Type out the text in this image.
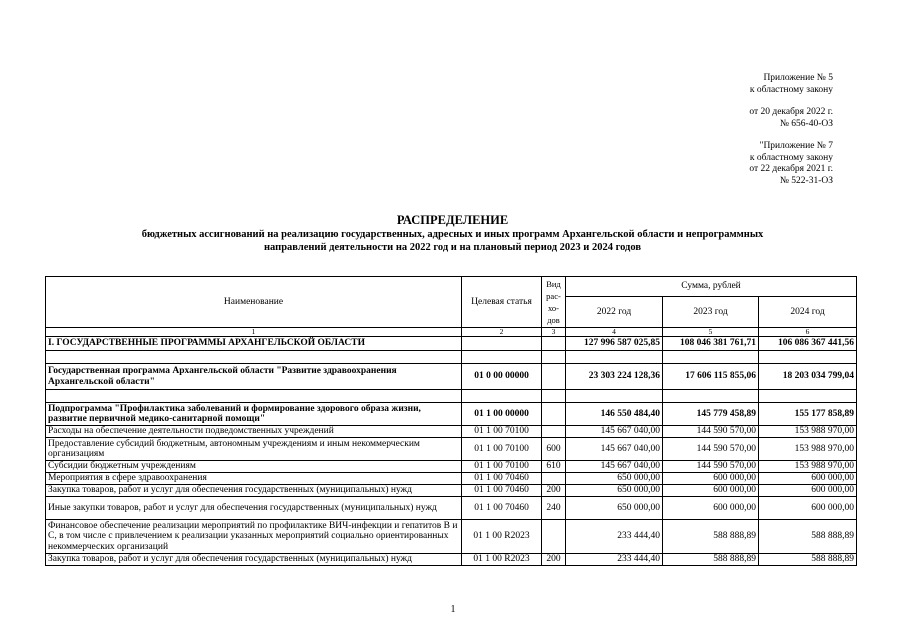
Приложение № 5
к областному закону
от 20 декабря 2022 г.
№ 656-40-ОЗ
"Приложение № 7
к областному закону
от 22 декабря 2021 г.
№ 522-31-ОЗ
РАСПРЕДЕЛЕНИЕ
бюджетных ассигнований на реализацию государственных, адресных и иных программ Архангельской области и непрограммных
направлений деятельности на 2022 год и на плановый период 2023 и 2024 годов
Наименование	Целевая статья	Вид рас-хо-дов	Сумма, рублей		
			2022 год	2023 год	2024 год
1	2	3	4	5	6
I. ГОСУДАРСТВЕННЫЕ ПРОГРАММЫ АРХАНГЕЛЬСКОЙ ОБЛАСТИ			127 996 587 025,85	108 046 381 761,71	106 086 367 441,56

Государственная программа Архангельской области "Развитие здравоохранения Архангельской области"	01 0 00 00000		23 303 224 128,36	17 606 115 855,06	18 203 034 799,04

Подпрограмма "Профилактика заболеваний и формирование здорового образа жизни, развитие первичной медико-санитарной помощи"	01 1 00 00000		146 550 484,40	145 779 458,89	155 177 858,89
Расходы на обеспечение деятельности подведомственных учреждений	01 1 00 70100		145 667 040,00	144 590 570,00	153 988 970,00
Предоставление субсидий бюджетным, автономным учреждениям и иным некоммерческим организациям	01 1 00 70100	600	145 667 040,00	144 590 570,00	153 988 970,00
Субсидии бюджетным учреждениям	01 1 00 70100	610	145 667 040,00	144 590 570,00	153 988 970,00
Мероприятия в сфере здравоохранения	01 1 00 70460		650 000,00	600 000,00	600 000,00
Закупка товаров, работ и услуг для обеспечения государственных (муниципальных) нужд	01 1 00 70460	200	650 000,00	600 000,00	600 000,00
Иные закупки товаров, работ и услуг для обеспечения государственных (муниципальных) нужд	01 1 00 70460	240	650 000,00	600 000,00	600 000,00
Финансовое обеспечение реализации мероприятий по профилактике ВИЧ-инфекции и гепатитов В и С, в том числе с привлечением к реализации указанных мероприятий социально ориентированных некоммерческих организаций	01 1 00 R2023		233 444,40	588 888,89	588 888,89
Закупка товаров, работ и услуг для обеспечения государственных (муниципальных) нужд	01 1 00 R2023	200	233 444,40	588 888,89	588 888,89
1
